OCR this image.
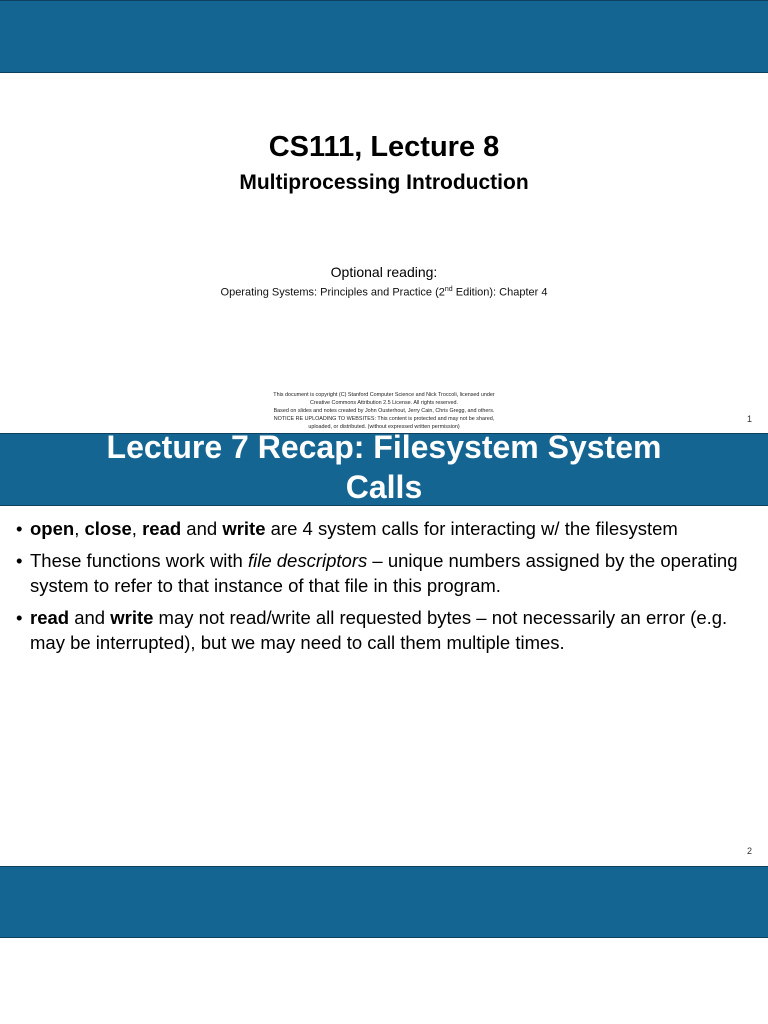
CS111, Lecture 8
Multiprocessing Introduction

Optional reading:

Operating Systems: Principles and Practice (2nd Edition): Chapter 4

This document is copyright (C) Stanford Computer Science and Nick Troccoli, licensed under
Creative Commons Attribution 2.5 License. All rights reserved.
Based on slides and notes created by John Ousterhout, Jerry Cain, Chris Gregg, and others.
NOTICE RE UPLOADING TO WEBSITES: This content is protected and may not be shared,
uploaded, or distributed. (without expressed written permission)
1
Lecture 7 Recap: Filesystem System
Calls
• open, close, read and write are 4 system calls for interacting w/ the filesystem
• These functions work with file descriptors – unique numbers assigned by the operating system to refer to that instance of that file in this program.
• read and write may not read/write all requested bytes – not necessarily an error (e.g. may be interrupted), but we may need to call them multiple times.
2
